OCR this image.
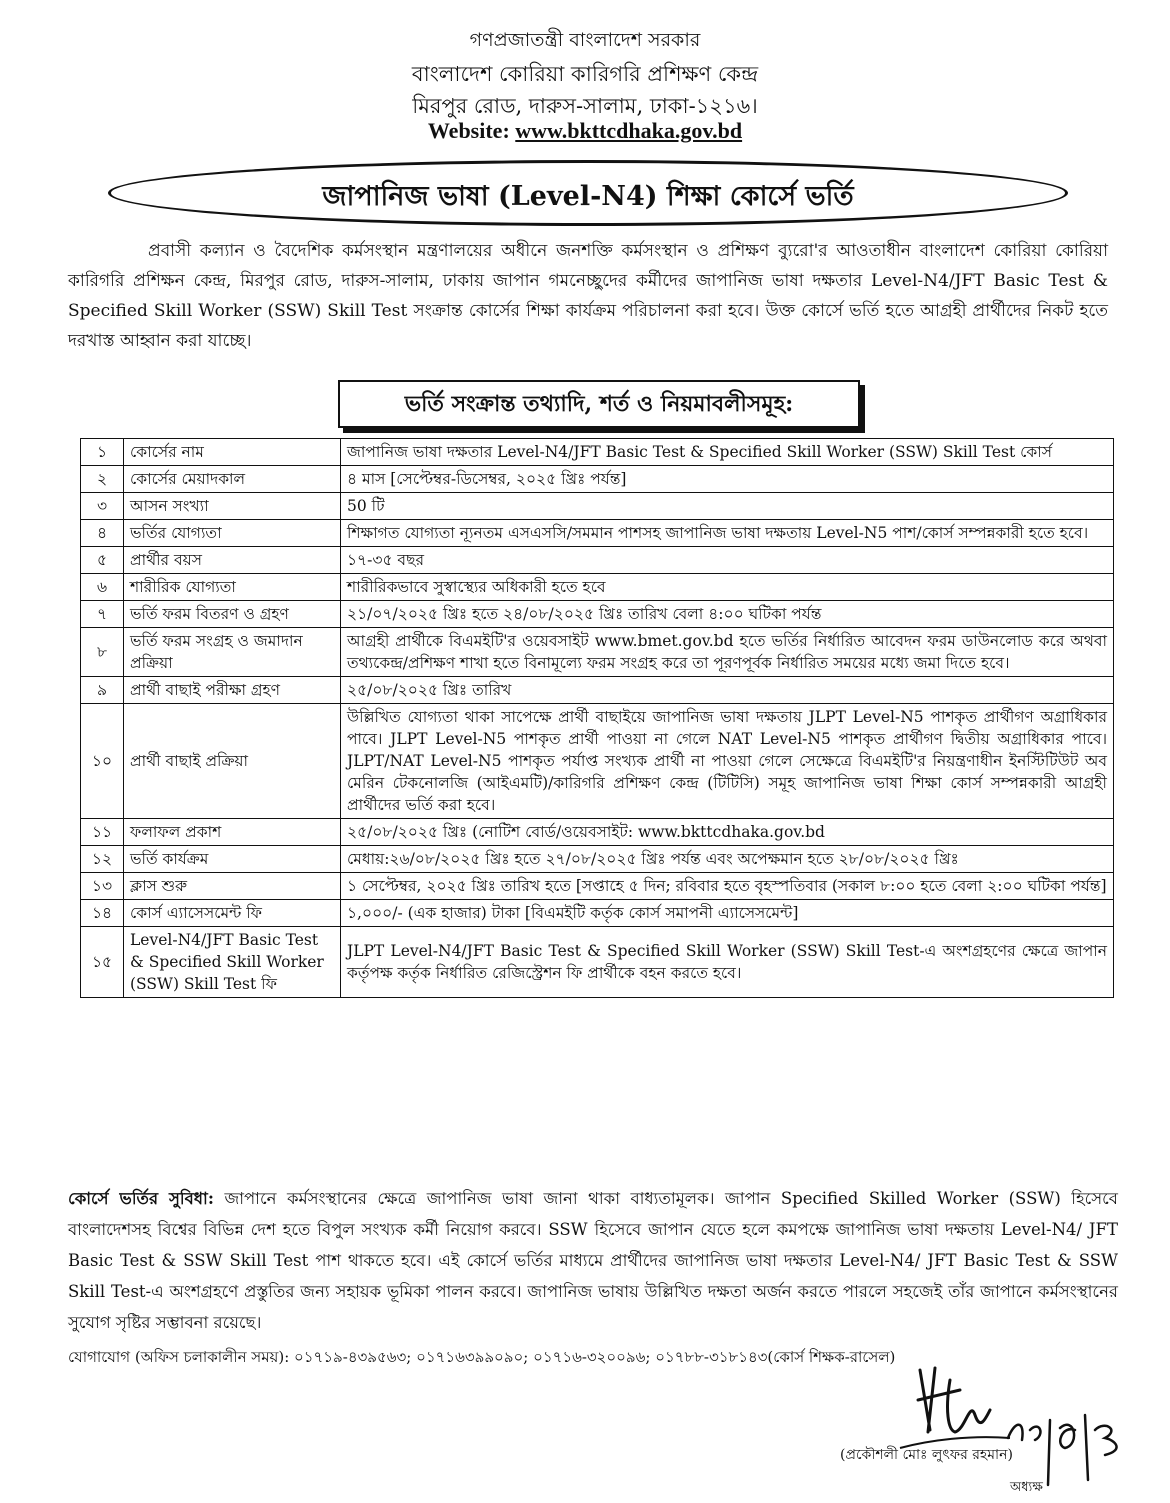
গণপ্রজাতন্ত্রী বাংলাদেশ সরকার
বাংলাদেশ কোরিয়া কারিগরি প্রশিক্ষণ কেন্দ্র
মিরপুর রোড, দারুস-সালাম, ঢাকা-১২১৬।
Website: www.bkttcdhaka.gov.bd
জাপানিজ ভাষা (Level-N4) শিক্ষা কোর্সে ভর্তি
প্রবাসী কল্যান ও বৈদেশিক কর্মসংস্থান মন্ত্রণালয়ের অধীনে জনশক্তি কর্মসংস্থান ও প্রশিক্ষণ ব্যুরো'র আওতাধীন বাংলাদেশ কোরিয়া কোরিয়া কারিগরি প্রশিক্ষন কেন্দ্র, মিরপুর রোড, দারুস-সালাম, ঢাকায় জাপান গমনেচ্ছুদের কর্মীদের জাপানিজ ভাষা দক্ষতার Level-N4/JFT Basic Test & Specified Skill Worker (SSW) Skill Test সংক্রান্ত কোর্সের শিক্ষা কার্যক্রম পরিচালনা করা হবে। উক্ত কোর্সে ভর্তি হতে আগ্রহী প্রার্থীদের নিকট হতে দরখাস্ত আহ্বান করা যাচ্ছে।
ভর্তি সংক্রান্ত তথ্যাদি, শর্ত ও নিয়মাবলীসমূহ:
১	কোর্সের নাম	জাপানিজ ভাষা দক্ষতার Level-N4/JFT Basic Test & Specified Skill Worker (SSW) Skill Test কোর্স
২	কোর্সের মেয়াদকাল	৪ মাস [সেপ্টেম্বর-ডিসেম্বর, ২০২৫ খ্রিঃ পর্যন্ত]
৩	আসন সংখ্যা	50 টি
৪	ভর্তির যোগ্যতা	শিক্ষাগত যোগ্যতা ন্যূনতম এসএসসি/সমমান পাশসহ জাপানিজ ভাষা দক্ষতায় Level-N5 পাশ/কোর্স সম্পন্নকারী হতে হবে।
৫	প্রার্থীর বয়স	১৭-৩৫ বছর
৬	শারীরিক যোগ্যতা	শারীরিকভাবে সুস্বাস্থ্যের অধিকারী হতে হবে
৭	ভর্তি ফরম বিতরণ ও গ্রহণ	২১/০৭/২০২৫ খ্রিঃ হতে ২৪/০৮/২০২৫ খ্রিঃ তারিখ বেলা ৪:০০ ঘটিকা পর্যন্ত
৮	ভর্তি ফরম সংগ্রহ ও জমাদান প্রক্রিয়া	আগ্রহী প্রার্থীকে বিএমইটি'র ওয়েবসাইট www.bmet.gov.bd হতে ভর্তির নির্ধারিত আবেদন ফরম ডাউনলোড করে অথবা তথ্যকেন্দ্র/প্রশিক্ষণ শাখা হতে বিনামূল্যে ফরম সংগ্রহ করে তা পূরণপূর্বক নির্ধারিত সময়ের মধ্যে জমা দিতে হবে।
৯	প্রার্থী বাছাই পরীক্ষা গ্রহণ	২৫/০৮/২০২৫ খ্রিঃ তারিখ
১০	প্রার্থী বাছাই প্রক্রিয়া	উল্লিখিত যোগ্যতা থাকা সাপেক্ষে প্রার্থী বাছাইয়ে জাপানিজ ভাষা দক্ষতায় JLPT Level-N5 পাশকৃত প্রার্থীগণ অগ্রাধিকার পাবে। JLPT Level-N5 পাশকৃত প্রার্থী পাওয়া না গেলে NAT Level-N5 পাশকৃত প্রার্থীগণ দ্বিতীয় অগ্রাধিকার পাবে। JLPT/NAT Level-N5 পাশকৃত পর্যাপ্ত সংখ্যক প্রার্থী না পাওয়া গেলে সেক্ষেত্রে বিএমইটি'র নিয়ন্ত্রণাধীন ইনস্টিটিউট অব মেরিন টেকনোলজি (আইএমটি)/কারিগরি প্রশিক্ষণ কেন্দ্র (টিটিসি) সমূহ জাপানিজ ভাষা শিক্ষা কোর্স সম্পন্নকারী আগ্রহী প্রার্থীদের ভর্তি করা হবে।
১১	ফলাফল প্রকাশ	২৫/০৮/২০২৫ খ্রিঃ (নোটিশ বোর্ড/ওয়েবসাইট: www.bkttcdhaka.gov.bd
১২	ভর্তি কার্যক্রম	মেধায়:২৬/০৮/২০২৫ খ্রিঃ হতে ২৭/০৮/২০২৫ খ্রিঃ পর্যন্ত এবং অপেক্ষমান হতে ২৮/০৮/২০২৫ খ্রিঃ
১৩	ক্লাস শুরু	১ সেপ্টেম্বর, ২০২৫ খ্রিঃ তারিখ হতে [সপ্তাহে ৫ দিন; রবিবার হতে বৃহস্পতিবার (সকাল ৮:০০ হতে বেলা ২:০০ ঘটিকা পর্যন্ত]
১৪	কোর্স এ্যাসেসমেন্ট ফি	১,০০০/- (এক হাজার) টাকা [বিএমইটি কর্তৃক কোর্স সমাপনী এ্যাসেসমেন্ট]
১৫	Level-N4/JFT Basic Test & Specified Skill Worker (SSW) Skill Test ফি	JLPT Level-N4/JFT Basic Test & Specified Skill Worker (SSW) Skill Test-এ অংশগ্রহণের ক্ষেত্রে জাপান কর্তৃপক্ষ কর্তৃক নির্ধারিত রেজিস্ট্রেশন ফি প্রার্থীকে বহন করতে হবে।
কোর্সে ভর্তির সুবিধা: জাপানে কর্মসংস্থানের ক্ষেত্রে জাপানিজ ভাষা জানা থাকা বাধ্যতামূলক। জাপান Specified Skilled Worker (SSW) হিসেবে বাংলাদেশসহ বিশ্বের বিভিন্ন দেশ হতে বিপুল সংখ্যক কর্মী নিয়োগ করবে। SSW হিসেবে জাপান যেতে হলে কমপক্ষে জাপানিজ ভাষা দক্ষতায় Level-N4/ JFT Basic Test & SSW Skill Test পাশ থাকতে হবে। এই কোর্সে ভর্তির মাধ্যমে প্রার্থীদের জাপানিজ ভাষা দক্ষতার Level-N4/ JFT Basic Test & SSW Skill Test-এ অংশগ্রহণে প্রস্তুতির জন্য সহায়ক ভূমিকা পালন করবে। জাপানিজ ভাষায় উল্লিখিত দক্ষতা অর্জন করতে পারলে সহজেই তাঁর জাপানে কর্মসংস্থানের সুযোগ সৃষ্টির সম্ভাবনা রয়েছে।
যোগাযোগ (অফিস চলাকালীন সময়): ০১৭১৯-৪৩৯৫৬৩; ০১৭১৬৩৯৯০৯০; ০১৭১৬-৩২০০৯৬; ০১৭৮৮-৩১৮১৪৩(কোর্স শিক্ষক-রাসেল)
(প্রকৌশলী মোঃ লুৎফর রহমান)
অধ্যক্ষ
